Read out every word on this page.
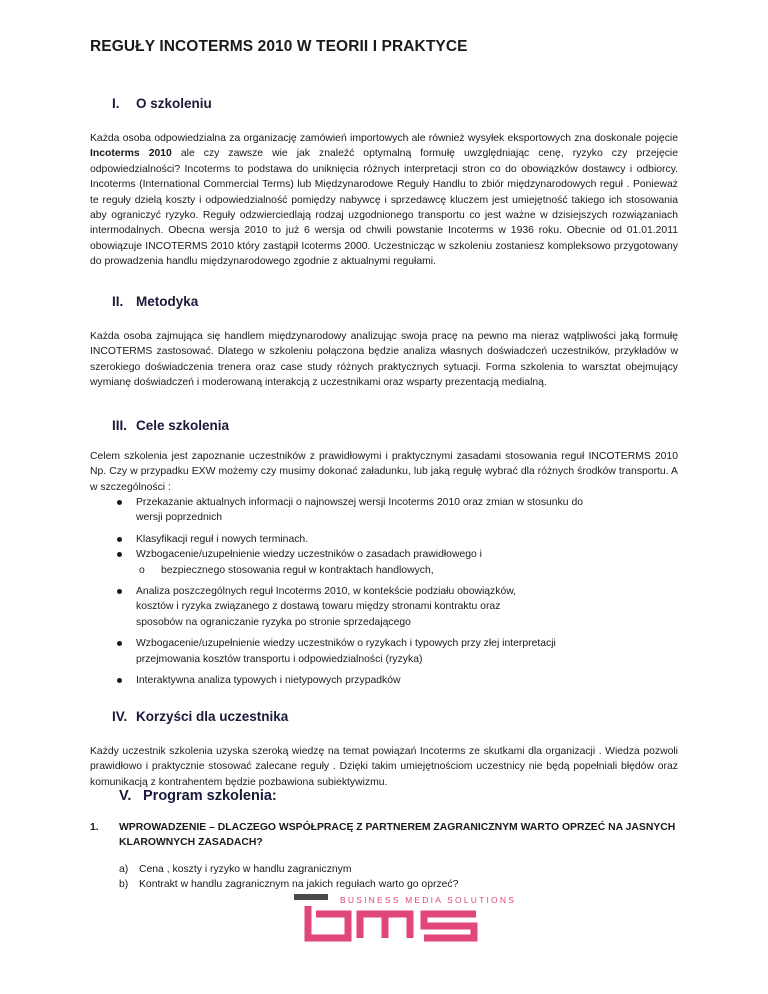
REGUŁY INCOTERMS 2010 W TEORII I PRAKTYCE
I. O szkoleniu

Każda osoba odpowiedzialna za organizację zamówień importowych ale również wysyłek eksportowych zna doskonale pojęcie Incoterms 2010 ale czy zawsze wie jak znaleźć optymalną formułę uwzględniając cenę, ryzyko czy przejęcie odpowiedzialności? Incoterms to podstawa do uniknięcia różnych interpretacji stron co do obowiązków dostawcy i odbiorcy. Incoterms (International Commercial Terms) lub Międzynarodowe Reguły Handlu to zbiór międzynarodowych reguł . Ponieważ te reguły dzielą koszty i odpowiedzialność pomiędzy nabywcę i sprzedawcę kluczem jest umiejętność takiego ich stosowania aby ograniczyć ryzyko. Reguły odzwierciedlają rodzaj uzgodnionego transportu co jest ważne w dzisiejszych rozwiązaniach intermodalnych. Obecna wersja 2010 to już 6 wersja od chwili powstanie Incoterms w 1936 roku. Obecnie od 01.01.2011 obowiązuje INCOTERMS 2010 który zastąpił Icoterms 2000. Uczestnicząc w szkoleniu zostaniesz kompleksowo przygotowany do prowadzenia handlu międzynarodowego zgodnie z aktualnymi regułami.

II. Metodyka

Każda osoba zajmująca się handlem międzynarodowy analizując swoja pracę na pewno ma nieraz wątpliwości jaką formułę INCOTERMS zastosować. Dlatego w szkoleniu połączona będzie analiza własnych doświadczeń uczestników, przykładów w szerokiego doświadczenia trenera oraz case study różnych praktycznych sytuacji. Forma szkolenia to warsztat obejmujący wymianę doświadczeń i moderowaną interakcją z uczestnikami oraz wsparty prezentacją medialną.

III. Cele szkolenia

Celem szkolenia jest zapoznanie uczestników z prawidłowymi i praktycznymi zasadami stosowania reguł INCOTERMS 2010 Np. Czy w przypadku EXW możemy czy musimy dokonać załadunku, lub jaką regułę wybrać dla różnych środków transportu. A w szczególności :

Przekazanie aktualnych informacji o najnowszej wersji Incoterms 2010 oraz zmian w stosunku do
wersji poprzednich
Klasyfikacji reguł i nowych terminach.
Wzbogacenie/uzupełnienie wiedzy uczestników o zasadach prawidłowego i
o bezpiecznego stosowania reguł w kontraktach handlowych,
Analiza poszczególnych reguł Incoterms 2010, w kontekście podziału obowiązków,
kosztów i ryzyka związanego z dostawą towaru między stronami kontraktu oraz
sposobów na ograniczanie ryzyka po stronie sprzedającego
Wzbogacenie/uzupełnienie wiedzy uczestników o ryzykach i typowych przy złej interpretacji
przejmowania kosztów transportu i odpowiedzialności (ryzyka)
Interaktywna analiza typowych i nietypowych przypadków
IV. Korzyści dla uczestnika

Każdy uczestnik szkolenia uzyska szeroką wiedzę na temat powiązań Incoterms ze skutkami dla organizacji . Wiedza pozwoli prawidłowo i praktycznie stosować zalecane reguły . Dzięki takim umiejętnościom uczestnicy nie będą popełniali błędów oraz komunikacją z kontrahentem będzie pozbawiona subiektywizmu.

V. Program szkolenia:
1.	WPROWADZENIE – DLACZEGO WSPÓŁPRACĘ Z PARTNEREM ZAGRANICZNYM WARTO OPRZEĆ NA JASNYCH KLAROWNYCH ZASADACH?
a)	Cena , koszty i ryzyko w handlu zagranicznym
b)	Kontrakt w handlu zagranicznym na jakich regułach warto go oprzeć?
BUSINESS MEDIA SOLUTIONS
